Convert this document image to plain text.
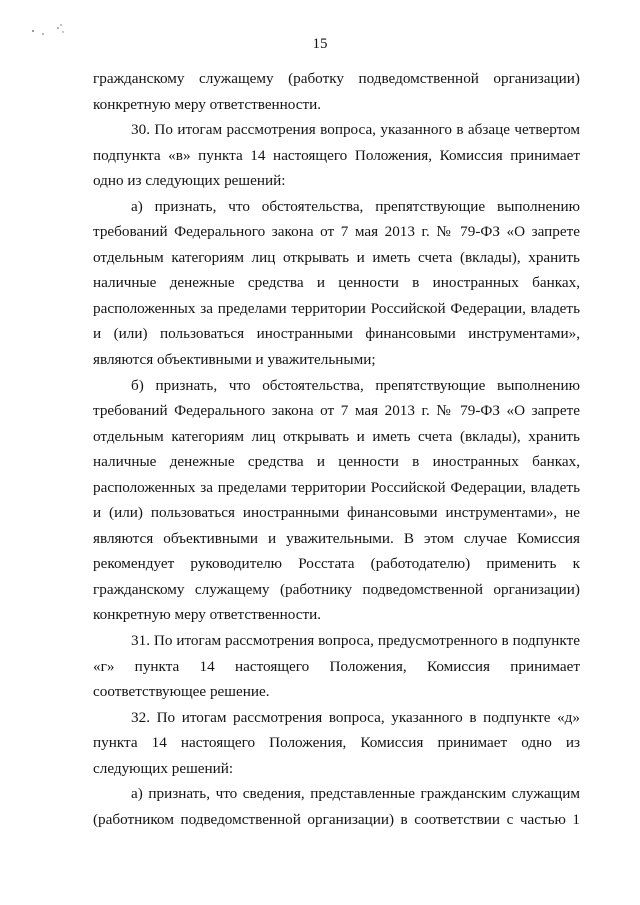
15
гражданскому служащему (работку подведомственной организации)
конкретную меру ответственности.
30. По итогам рассмотрения вопроса, указанного в абзаце четвертом
подпункта «в» пункта 14 настоящего Положения, Комиссия принимает
одно из следующих решений:
а) признать, что обстоятельства, препятствующие выполнению
требований Федерального закона от 7 мая 2013 г. № 79-ФЗ «О запрете
отдельным категориям лиц открывать и иметь счета (вклады), хранить
наличные денежные средства и ценности в иностранных банках,
расположенных за пределами территории Российской Федерации, владеть
и (или) пользоваться иностранными финансовыми инструментами»,
являются объективными и уважительными;
б) признать, что обстоятельства, препятствующие выполнению
требований Федерального закона от 7 мая 2013 г. № 79-ФЗ «О запрете
отдельным категориям лиц открывать и иметь счета (вклады), хранить
наличные денежные средства и ценности в иностранных банках,
расположенных за пределами территории Российской Федерации, владеть
и (или) пользоваться иностранными финансовыми инструментами», не
являются объективными и уважительными. В этом случае Комиссия
рекомендует руководителю Росстата (работодателю) применить к
гражданскому служащему (работнику подведомственной организации)
конкретную меру ответственности.
31. По итогам рассмотрения вопроса, предусмотренного в подпункте
«г» пункта 14 настоящего Положения, Комиссия принимает
соответствующее решение.
32. По итогам рассмотрения вопроса, указанного в подпункте «д»
пункта 14 настоящего Положения, Комиссия принимает одно из
следующих решений:
а) признать, что сведения, представленные гражданским служащим
(работником подведомственной организации) в соответствии с частью 1
